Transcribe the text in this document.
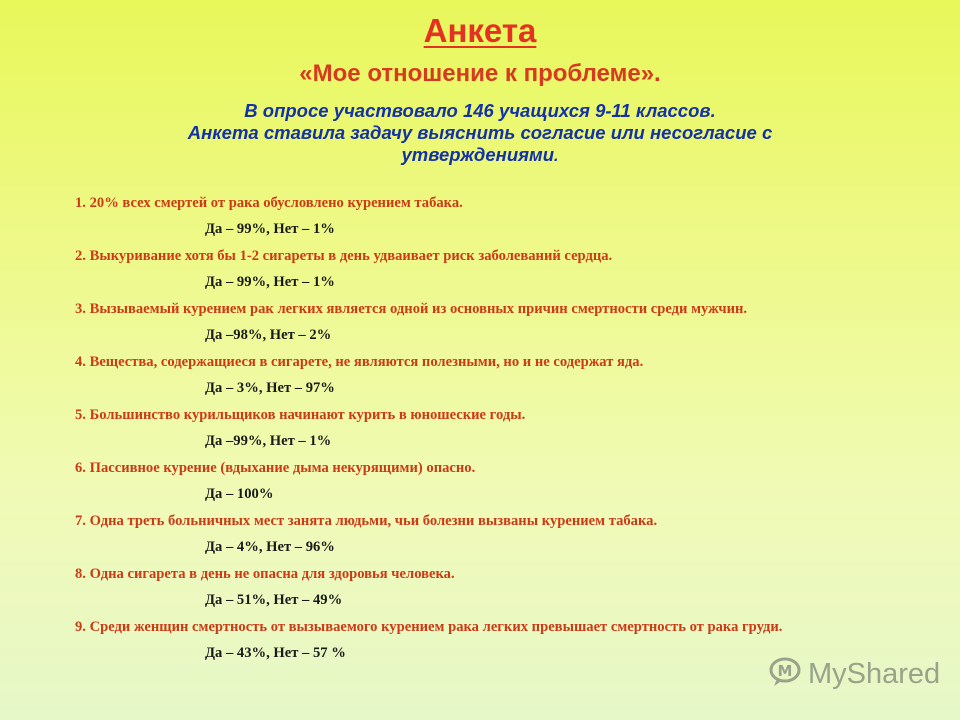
Анкета
«Мое отношение к проблеме».
В опросе участвовало 146 учащихся 9-11 классов.
Анкета ставила задачу выяснить согласие или несогласие с
утверждениями.

1. 20% всех смертей от рака обусловлено курением табака.

Да – 99%, Нет – 1%

2. Выкуривание хотя бы 1-2 сигареты в день удваивает риск заболеваний сердца.

Да – 99%, Нет – 1%

3. Вызываемый курением рак легких является одной из основных причин смертности среди мужчин.

Да –98%, Нет – 2%

4. Вещества, содержащиеся в сигарете, не являются полезными, но и не содержат яда.

Да – 3%, Нет – 97%

5. Большинство курильщиков начинают курить в юношеские годы.

Да –99%, Нет – 1%

6. Пассивное курение (вдыхание дыма некурящими) опасно.

Да – 100%

7. Одна треть больничных мест занята людьми, чьи болезни вызваны курением табака.

Да – 4%, Нет – 96%

8. Одна сигарета в день не опасна для здоровья человека.

Да – 51%, Нет – 49%

9. Среди женщин смертность от вызываемого курением рака легких превышает смертность от рака груди.

Да – 43%, Нет – 57 %

M MyShared
